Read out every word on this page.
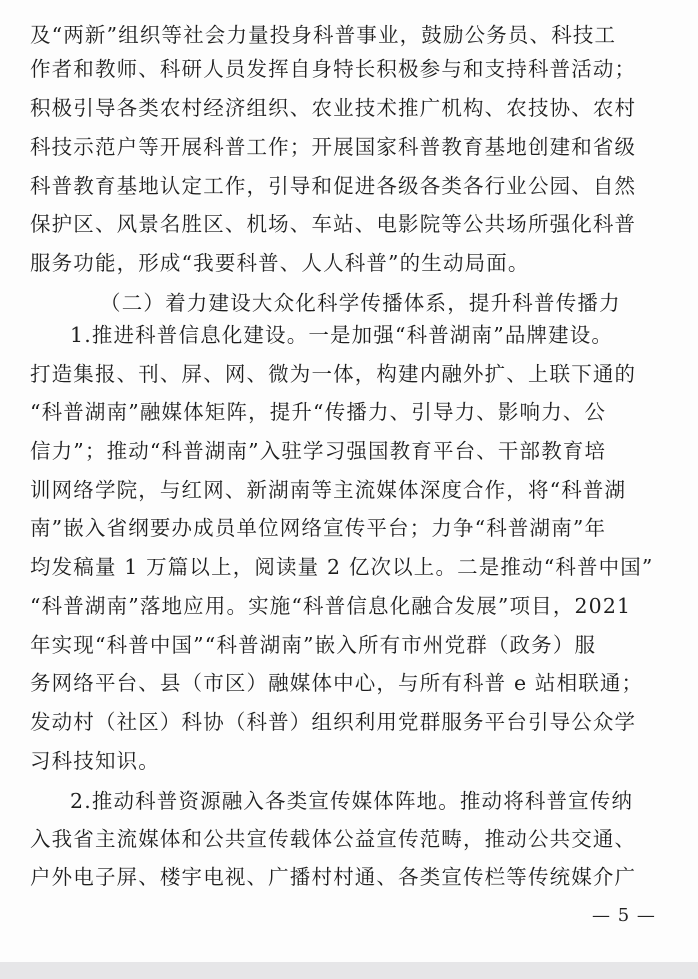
及“两新”组织等社会力量投身科普事业，鼓励公务员、科技工
作者和教师、科研人员发挥自身特长积极参与和支持科普活动；
积极引导各类农村经济组织、农业技术推广机构、农技协、农村
科技示范户等开展科普工作；开展国家科普教育基地创建和省级
科普教育基地认定工作，引导和促进各级各类各行业公园、自然
保护区、风景名胜区、机场、车站、电影院等公共场所强化科普
服务功能，形成“我要科普、人人科普”的生动局面。
（二）着力建设大众化科学传播体系，提升科普传播力
1.推进科普信息化建设。一是加强“科普湖南”品牌建设。
打造集报、刊、屏、网、微为一体，构建内融外扩、上联下通的
“科普湖南”融媒体矩阵，提升“传播力、引导力、影响力、公
信力”；推动“科普湖南”入驻学习强国教育平台、干部教育培
训网络学院，与红网、新湖南等主流媒体深度合作，将“科普湖
南”嵌入省纲要办成员单位网络宣传平台；力争“科普湖南”年
均发稿量 1 万篇以上，阅读量 2 亿次以上。二是推动“科普中国”
“科普湖南”落地应用。实施“科普信息化融合发展”项目，2021
年实现“科普中国”“科普湖南”嵌入所有市州党群（政务）服
务网络平台、县（市区）融媒体中心，与所有科普 e 站相联通；
发动村（社区）科协（科普）组织利用党群服务平台引导公众学
习科技知识。
— 5 —
2.推动科普资源融入各类宣传媒体阵地。推动将科普宣传纳
入我省主流媒体和公共宣传载体公益宣传范畴，推动公共交通、
户外电子屏、楼宇电视、广播村村通、各类宣传栏等传统媒介广
